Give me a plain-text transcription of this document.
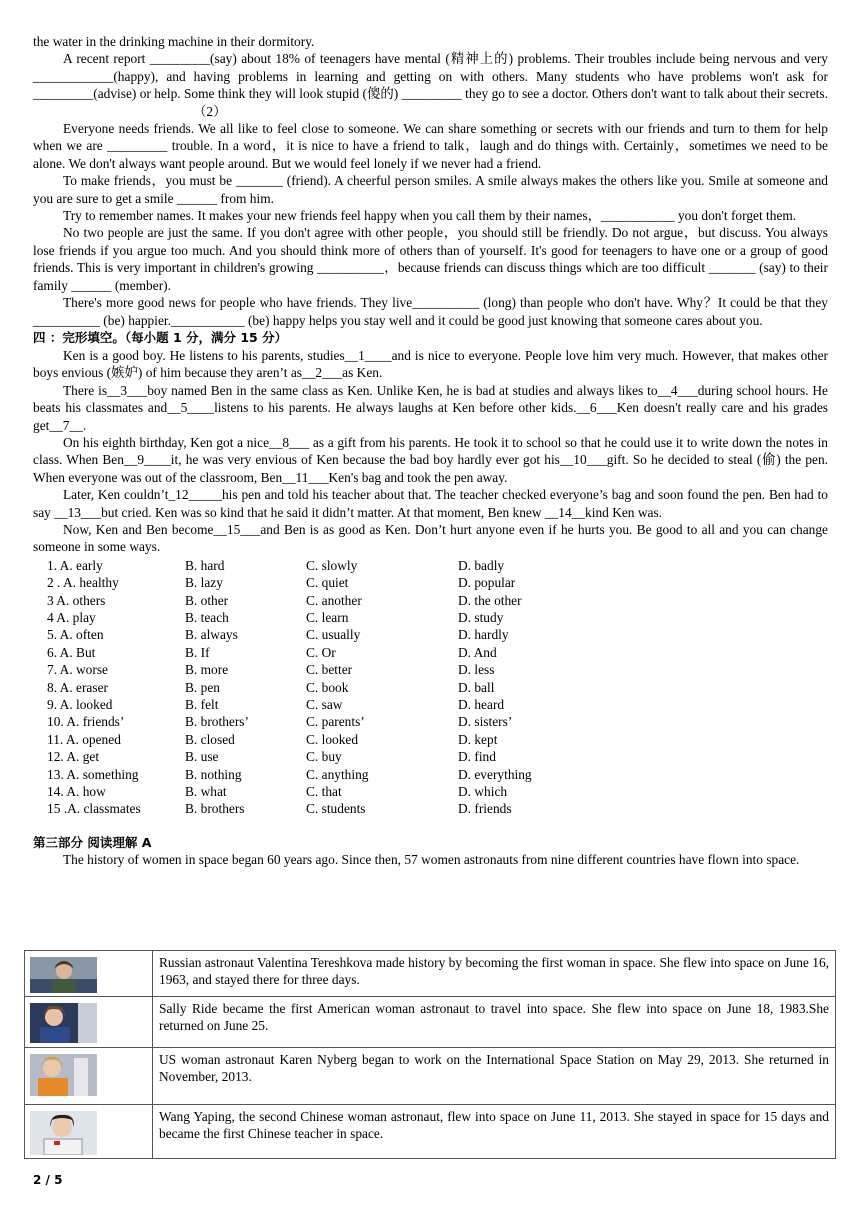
the water in the drinking machine in their dormitory.

A recent report _________(say) about 18% of teenagers have mental (精神上的) problems. Their troubles include being nervous and very ____________(happy), and having problems in learning and getting on with others. Many students who have problems won't ask for _________(advise) or help. Some think they will look stupid (傻的) _________ they go to see a doctor. Others don't want to talk about their secrets.

（2）

Everyone needs friends. We all like to feel close to someone. We can share something or secrets with our friends and turn to them for help when we are _________ trouble. In a word，it is nice to have a friend to talk，laugh and do things with. Certainly，sometimes we need to be alone. We don't always want people around. But we would feel lonely if we never had a friend.

To make friends，you must be _______ (friend). A cheerful person smiles. A smile always makes the others like you. Smile at someone and you are sure to get a smile ______ from him.

Try to remember names. It makes your new friends feel happy when you call them by their names，___________ you don't forget them.

No two people are just the same. If you don't agree with other people，you should still be friendly. Do not argue，but discuss. You always lose friends if you argue too much. And you should think more of others than of yourself. It's good for teenagers to have one or a group of good friends. This is very important in children's growing __________，because friends can discuss things which are too difficult _______ (say) to their family ______ (member).

There's more good news for people who have friends. They live__________ (long) than people who don't have. Why？It could be that they __________ (be) happier.___________ (be) happy helps you stay well and it could be good just knowing that someone cares about you.

四 ：完形填空。（每小题 1 分，满分 15 分）

Ken is a good boy. He listens to his parents, studies__1____and is nice to everyone. People love him very much. However, that makes other boys envious (嫉妒) of him because they aren’t as__2___as Ken.

There is__3___boy named Ben in the same class as Ken. Unlike Ken, he is bad at studies and always likes to__4___during school hours. He beats his classmates and__5____listens to his parents. He always laughs at Ken before other kids.__6___Ken doesn't really care and his grades get__7__.

On his eighth birthday, Ken got a nice__8___ as a gift from his parents. He took it to school so that he could use it to write down the notes in class. When Ben__9____it, he was very envious of Ken because the bad boy hardly ever got his__10___gift. So he decided to steal (偷) the pen. When everyone was out of the classroom, Ben__11___Ken's bag and took the pen away.

Later, Ken couldn’t_12_____his pen and told his teacher about that. The teacher checked everyone’s bag and soon found the pen. Ben had to say __13___but cried. Ken was so kind that he said it didn’t matter. At that moment, Ben knew __14__kind Ken was.

Now, Ken and Ben become__15___and Ben is as good as Ken. Don’t hurt anyone even if he hurts you. Be good to all and you can change someone in some ways.

1. A. early	B. hard	C. slowly	D. badly
2 . A. healthy	B. lazy	C. quiet	D. popular
3 A. others	B. other	C. another	D. the other
4 A. play	B. teach	C. learn	D. study
5. A. often	B. always	C. usually	D. hardly
6. A. But	B. If	C. Or	D. And
7. A. worse	B. more	C. better	D. less
8. A. eraser	B. pen	C. book	D. ball
9. A. looked	B. felt	C. saw	D. heard
10. A. friends’	B. brothers’	C. parents’	D. sisters’
11. A. opened	B. closed	C. looked	D. kept
12. A. get	B. use	C. buy	D. find
13. A. something	B. nothing	C. anything	D. everything
14. A. how	B. what	C. that	D. which
15 .A. classmates	B. brothers	C. students	D. friends

第三部分 阅读理解 A

The history of women in space began 60 years ago. Since then, 57 women astronauts from nine different countries have flown into space.

	Russian astronaut Valentina Tereshkova made history by becoming the first woman in space. She flew into space on June 16, 1963, and stayed there for three days.

	Sally Ride became the first American woman astronaut to travel into space. She flew into space on June 18, 1983.She returned on June 25.

	US woman astronaut Karen Nyberg began to work on the International Space Station on May 29, 2013. She returned in November, 2013.

	Wang Yaping, the second Chinese woman astronaut, flew into space on June 11, 2013. She stayed in space for 15 days and became the first Chinese teacher in space.
2 / 5
